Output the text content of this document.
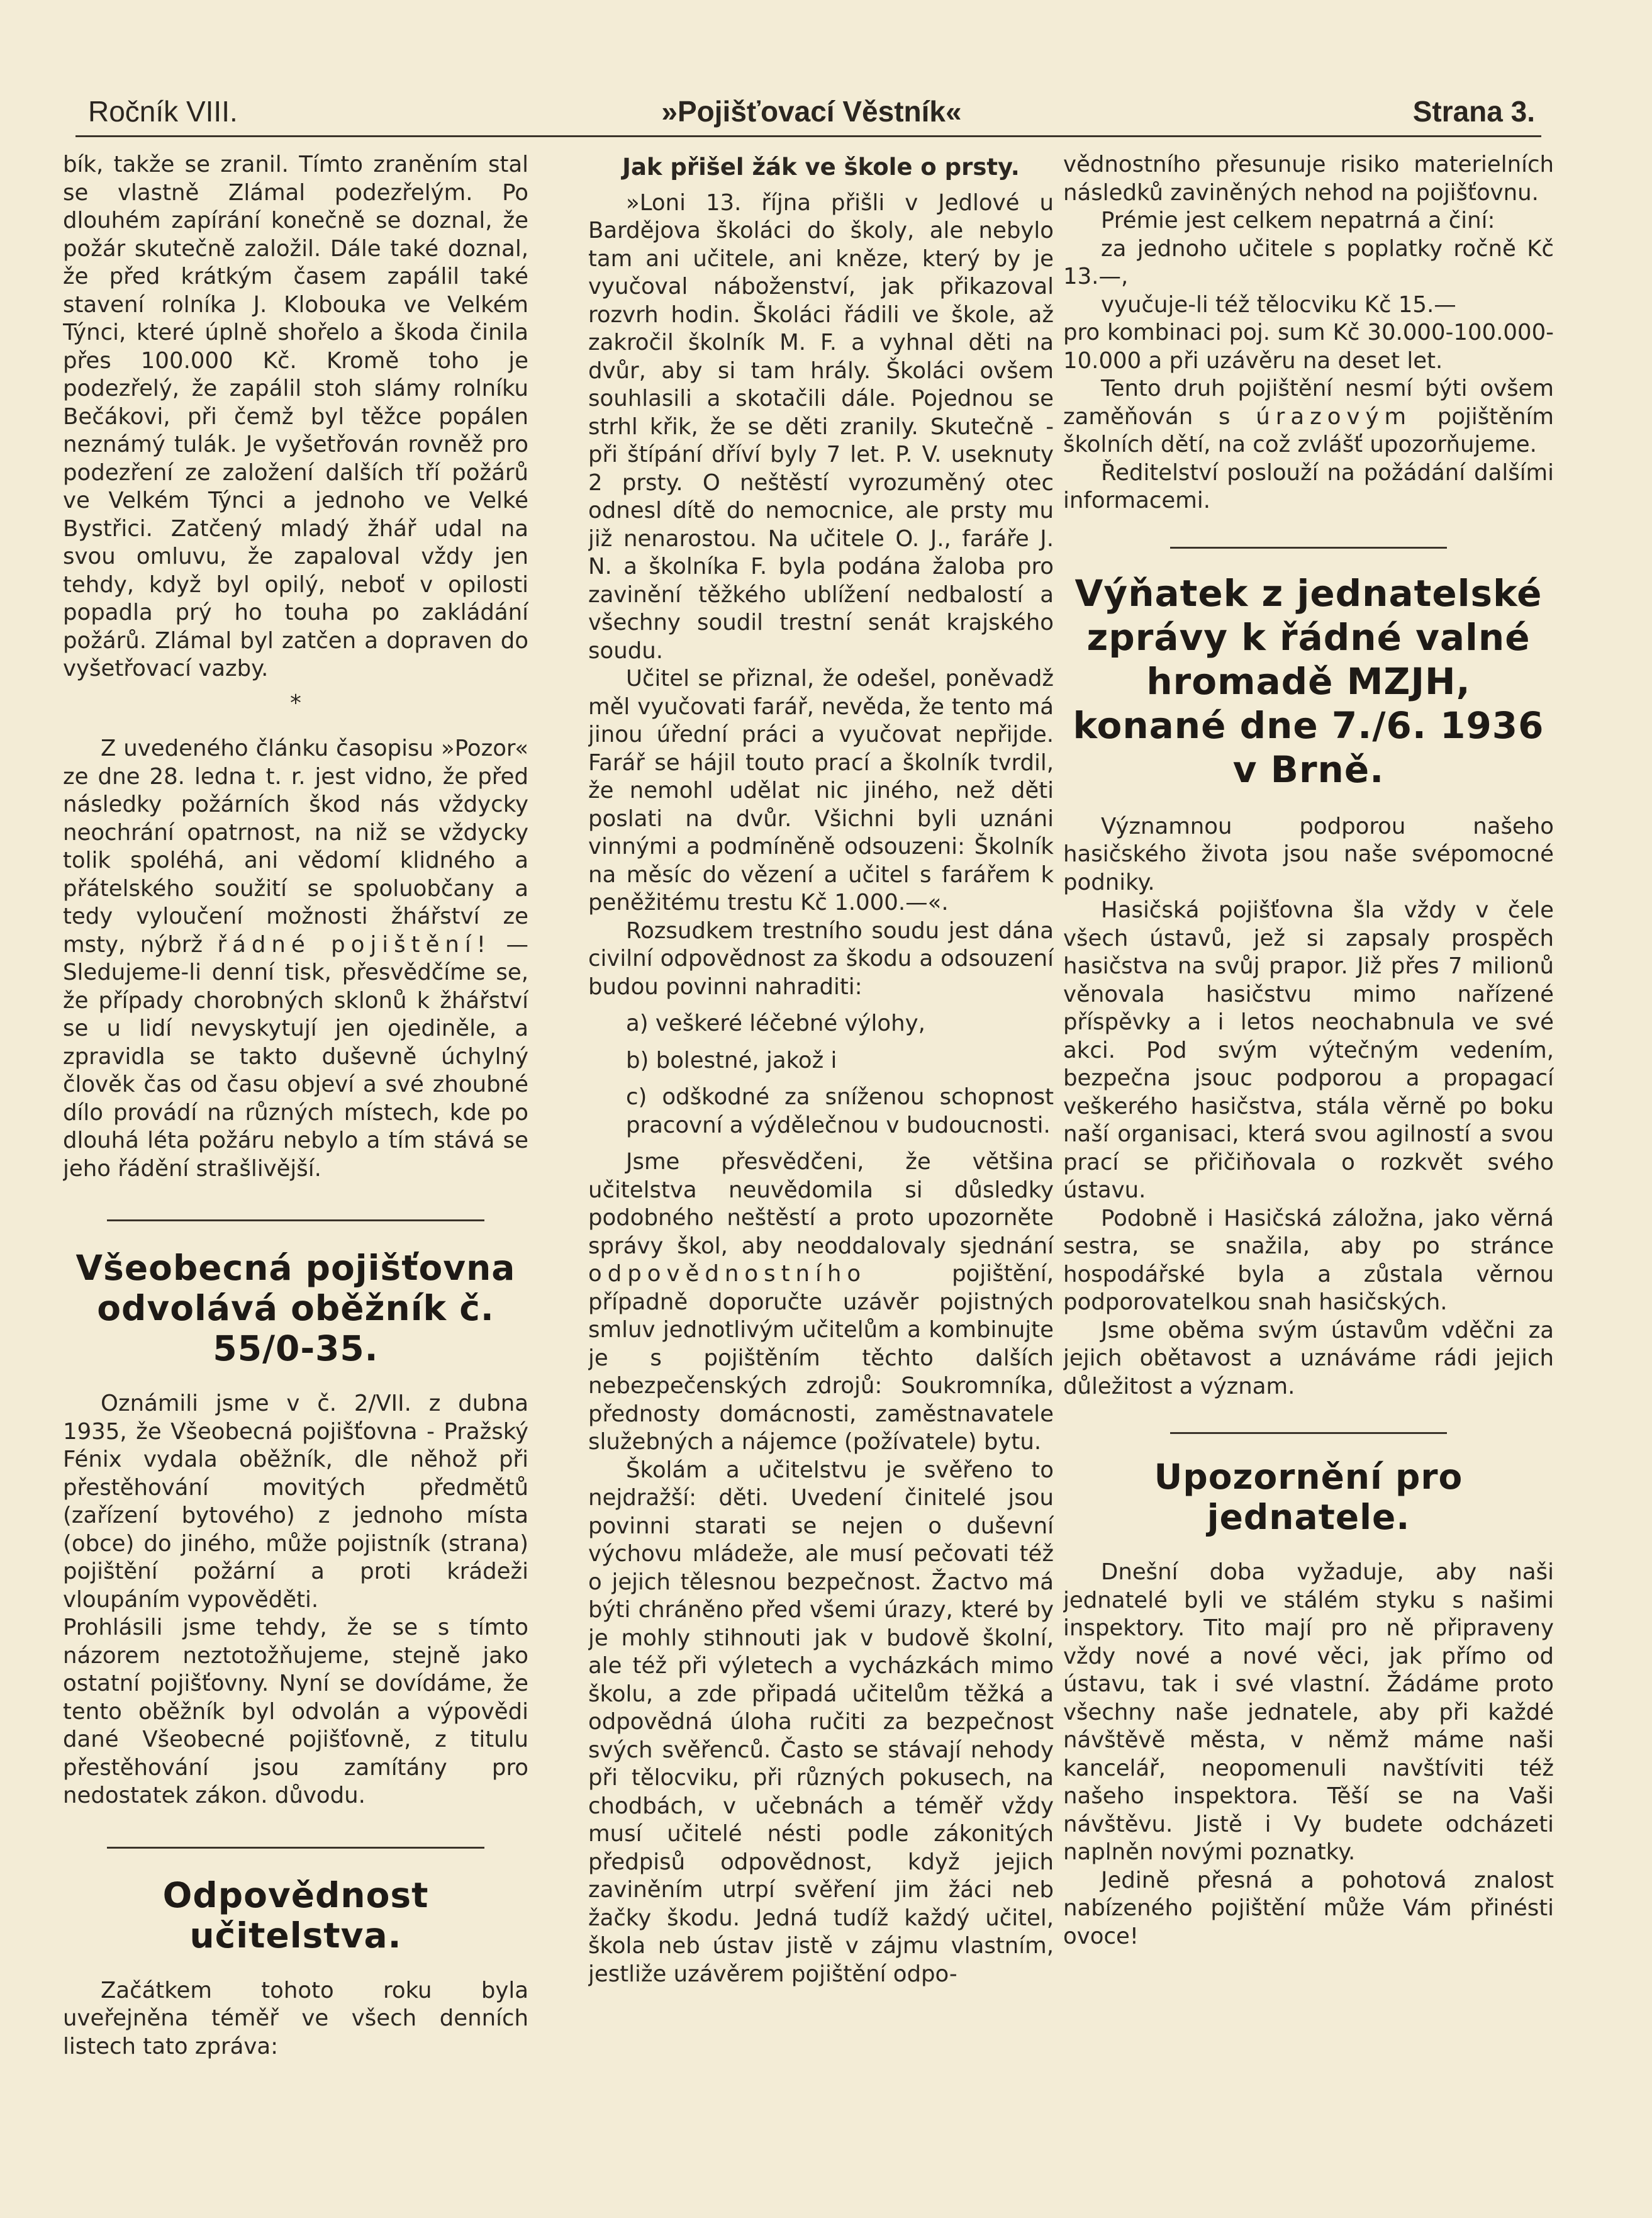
»Pojišťovací Věstník«
Ročník VIII.	Strana 3.

bík, takže se zranil. Tímto zraněním stal se vlastně Zlámal podezřelým. Po dlouhém zapírání konečně se doznal, že požár skutečně založil. Dále také doznal, že před krátkým časem zapálil také stavení rolníka J. Klobouka ve Velkém Týnci, které úplně shořelo a škoda činila přes 100.000 Kč. Kromě toho je podezřelý, že zapálil stoh slámy rolníku Bečákovi, při čemž byl těžce popálen neznámý tulák. Je vyšetřován rovněž pro podezření ze založení dalších tří požárů ve Velkém Týnci a jednoho ve Velké Bystřici. Zatčený mladý žhář udal na svou omluvu, že zapaloval vždy jen tehdy, když byl opilý, neboť v opilosti popadla prý ho touha po zakládání požárů. Zlámal byl zatčen a dopraven do vyšetřovací vazby.

*

Z uvedeného článku časopisu »Pozor« ze dne 28. ledna t. r. jest vidno, že před následky požárních škod nás vždycky neochrání opatrnost, na niž se vždycky tolik spoléhá, ani vědomí klidného a přátelského soužití se spoluobčany a tedy vyloučení možnosti žhářství ze msty, nýbrž řádné pojištění! — Sledujeme-li denní tisk, přesvědčíme se, že případy chorobných sklonů k žhářství se u lidí nevyskytují jen ojediněle, a zpravidla se takto duševně úchylný člověk čas od času objeví a své zhoubné dílo provádí na různých místech, kde po dlouhá léta požáru nebylo a tím stává se jeho řádění strašlivější.

Všeobecná pojišťovna odvolává oběžník č. 55/0-35.

Oznámili jsme v č. 2/VII. z dubna 1935, že Všeobecná pojišťovna - Pražský Fénix vydala oběžník, dle něhož při přestěhování movitých předmětů (zařízení bytového) z jednoho místa (obce) do jiného, může pojistník (strana) pojištění požární a proti krádeži vloupáním vypověděti.

Prohlásili jsme tehdy, že se s tímto názorem neztotožňujeme, stejně jako ostatní pojišťovny. Nyní se dovídáme, že tento oběžník byl odvolán a výpovědi dané Všeobecné pojišťovně, z titulu přestěhování jsou zamítány pro nedostatek zákon. důvodu.

Odpovědnost učitelstva.

Začátkem tohoto roku byla uveřejněna téměř ve všech denních listech tato zpráva:

Jak přišel žák ve škole o prsty.

»Loni 13. října přišli v Jedlové u Bardějova školáci do školy, ale nebylo tam ani učitele, ani kněze, který by je vyučoval náboženství, jak přikazoval rozvrh hodin. Školáci řádili ve škole, až zakročil školník M. F. a vyhnal děti na dvůr, aby si tam hrály. Školáci ovšem souhlasili a skotačili dále. Pojednou se strhl křik, že se děti zranily. Skutečně - při štípání dříví byly 7 let. P. V. useknuty 2 prsty. O neštěstí vyrozuměný otec odnesl dítě do nemocnice, ale prsty mu již nenarostou. Na učitele O. J., faráře J. N. a školníka F. byla podána žaloba pro zavinění těžkého ublížení nedbalostí a všechny soudil trestní senát krajského soudu.

Učitel se přiznal, že odešel, poněvadž měl vyučovati farář, nevěda, že tento má jinou úřední práci a vyučovat nepřijde. Farář se hájil touto prací a školník tvrdil, že nemohl udělat nic jiného, než děti poslati na dvůr. Všichni byli uznáni vinnými a podmíněně odsouzeni: Školník na měsíc do vězení a učitel s farářem k peněžitému trestu Kč 1.000.—«.

Rozsudkem trestního soudu jest dána civilní odpovědnost za škodu a odsouzení budou povinni nahraditi:

a) veškeré léčebné výlohy,

b) bolestné, jakož i

c) odškodné za sníženou schopnost pracovní a výdělečnou v budoucnosti.

Jsme přesvědčeni, že většina učitelstva neuvědomila si důsledky podobného neštěstí a proto upozorněte správy škol, aby neoddalovaly sjednání odpovědnostního	pojištění, případně doporučte uzávěr pojistných smluv jednotlivým učitelům a kombinujte je s pojištěním těchto dalších nebezpečenských zdrojů: Soukromníka, přednosty domácnosti, zaměstnavatele služebných a nájemce (požívatele) bytu.

Školám a učitelstvu je svěřeno to nejdražší: děti. Uvedení činitelé jsou povinni starati se nejen o duševní výchovu mládeže, ale musí pečovati též o jejich tělesnou bezpečnost. Žactvo má býti chráněno před všemi úrazy, které by je mohly stihnouti jak v budově školní, ale též při výletech a vycházkách mimo školu, a zde připadá učitelům těžká a odpovědná úloha ručiti za bezpečnost svých svěřenců. Často se stávají nehody při tělocviku, při různých pokusech, na chodbách, v učebnách a téměř vždy musí učitelé nésti podle zákonitých předpisů odpovědnost, když jejich zaviněním utrpí svěření jim žáci neb žačky škodu. Jedná tudíž každý učitel, škola neb ústav jistě v zájmu vlastním, jestliže uzávěrem pojištění odpo-

vědnostního přesunuje risiko materielních následků zaviněných nehod na pojišťovnu.

Prémie jest celkem nepatrná a činí:

za jednoho učitele s poplatky ročně Kč 13.—,

vyučuje-li též tělocviku Kč 15.—

pro kombinaci poj. sum Kč 30.000-100.000-10.000 a při uzávěru na deset let.

Tento druh pojištění nesmí býti ovšem zaměňován s úrazovým pojištěním školních dětí, na což zvlášť upozorňujeme.

Ředitelství poslouží na požádání dalšími informacemi.

Výňatek z jednatelské zprávy k řádné valné hromadě MZJH, konané dne 7./6. 1936 v Brně.

Významnou podporou našeho hasičského života jsou naše svépomocné podniky.

Hasičská pojišťovna šla vždy v čele všech ústavů, jež si zapsaly prospěch hasičstva na svůj prapor. Již přes 7 milionů věnovala hasičstvu mimo nařízené příspěvky a i letos neochabnula ve své akci. Pod svým výtečným vedením, bezpečna jsouc podporou a propagací veškerého hasičstva, stála věrně po boku naší organisaci, která svou agilností a svou prací se přičiňovala o rozkvět svého ústavu.

Podobně i Hasičská záložna, jako věrná sestra, se snažila, aby po stránce hospodářské byla a zůstala věrnou podporovatelkou snah hasičských.

Jsme oběma svým ústavům vděčni za jejich obětavost a uznáváme rádi jejich důležitost a význam.

Upozornění pro jednatele.

Dnešní doba vyžaduje, aby naši jednatelé byli ve stálém styku s našimi inspektory. Tito mají pro ně připraveny vždy nové a nové věci, jak přímo od ústavu, tak i své vlastní. Žádáme proto všechny naše jednatele, aby při každé návštěvě města, v němž máme naši kancelář, neopomenuli navštíviti též našeho inspektora. Těší se na Vaši návštěvu. Jistě i Vy budete odcházeti naplněn novými poznatky.

Jedině přesná a pohotová znalost nabízeného pojištění může Vám přinésti ovoce!
